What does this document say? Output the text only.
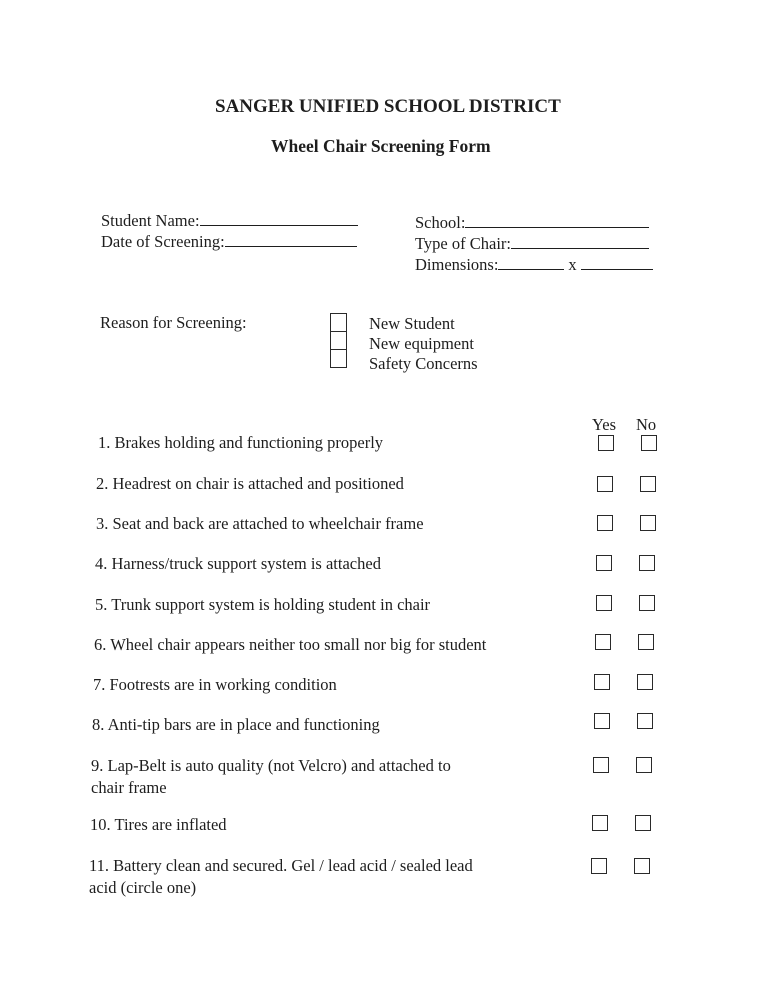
SANGER UNIFIED SCHOOL DISTRICT
Wheel Chair Screening Form
Student Name:
Date of Screening:
School:
Type of Chair:
Dimensions:	x
Reason for Screening:	New Student
New equipment
Safety Concerns
Yes No
1. Brakes holding and functioning properly
2. Headrest on chair is attached and positioned
3. Seat and back are attached to wheelchair frame
4. Harness/truck support system is attached
5. Trunk support system is holding student in chair
6. Wheel chair appears neither too small nor big for student
7. Footrests are in working condition
8. Anti-tip bars are in place and functioning
9. Lap-Belt is auto quality (not Velcro) and attached to
chair frame
10. Tires are inflated
11. Battery clean and secured. Gel / lead acid / sealed lead
acid (circle one)
